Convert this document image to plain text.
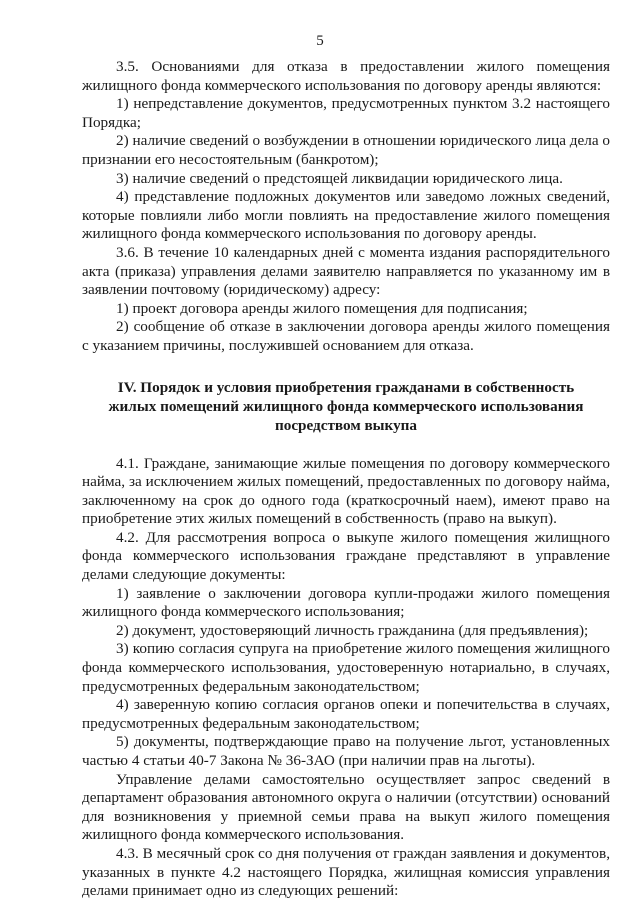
5

3.5. Основаниями для отказа в предоставлении жилого помещения жилищного фонда коммерческого использования по договору аренды являются:

1) непредставление документов, предусмотренных пунктом 3.2 настоящего Порядка;

2) наличие сведений о возбуждении в отношении юридического лица дела о признании его несостоятельным (банкротом);

3) наличие сведений о предстоящей ликвидации юридического лица.

4) представление подложных документов или заведомо ложных сведений, которые повлияли либо могли повлиять на предоставление жилого помещения жилищного фонда коммерческого использования по договору аренды.

3.6. В течение 10 календарных дней с момента издания распорядительного акта (приказа) управления делами заявителю направляется по указанному им в заявлении почтовому (юридическому) адресу:

1) проект договора аренды жилого помещения для подписания;

2) сообщение об отказе в заключении договора аренды жилого помещения с указанием причины, послужившей основанием для отказа.

IV. Порядок и условия приобретения гражданами в собственность
жилых помещений жилищного фонда коммерческого использования
посредством выкупа

4.1. Граждане, занимающие жилые помещения по договору коммерческого найма, за исключением жилых помещений, предоставленных по договору найма, заключенному на срок до одного года (краткосрочный наем), имеют право на приобретение этих жилых помещений в собственность (право на выкуп).

4.2. Для рассмотрения вопроса о выкупе жилого помещения жилищного фонда коммерческого использования граждане представляют в управление делами следующие документы:

1) заявление о заключении договора купли-продажи жилого помещения жилищного фонда коммерческого использования;

2) документ, удостоверяющий личность гражданина (для предъявления);

3) копию согласия супруга на приобретение жилого помещения жилищного фонда коммерческого использования, удостоверенную нотариально, в случаях, предусмотренных федеральным законодательством;

4) заверенную копию согласия органов опеки и попечительства в случаях, предусмотренных федеральным законодательством;

5) документы, подтверждающие право на получение льгот, установленных частью 4 статьи 40-7 Закона № 36-ЗАО (при наличии прав на льготы).

Управление делами самостоятельно осуществляет запрос сведений в департамент образования автономного округа о наличии (отсутствии) оснований для возникновения у приемной семьи права на выкуп жилого помещения жилищного фонда коммерческого использования.

4.3. В месячный срок со дня получения от граждан заявления и документов, указанных в пункте 4.2 настоящего Порядка, жилищная комиссия управления делами принимает одно из следующих решений:
